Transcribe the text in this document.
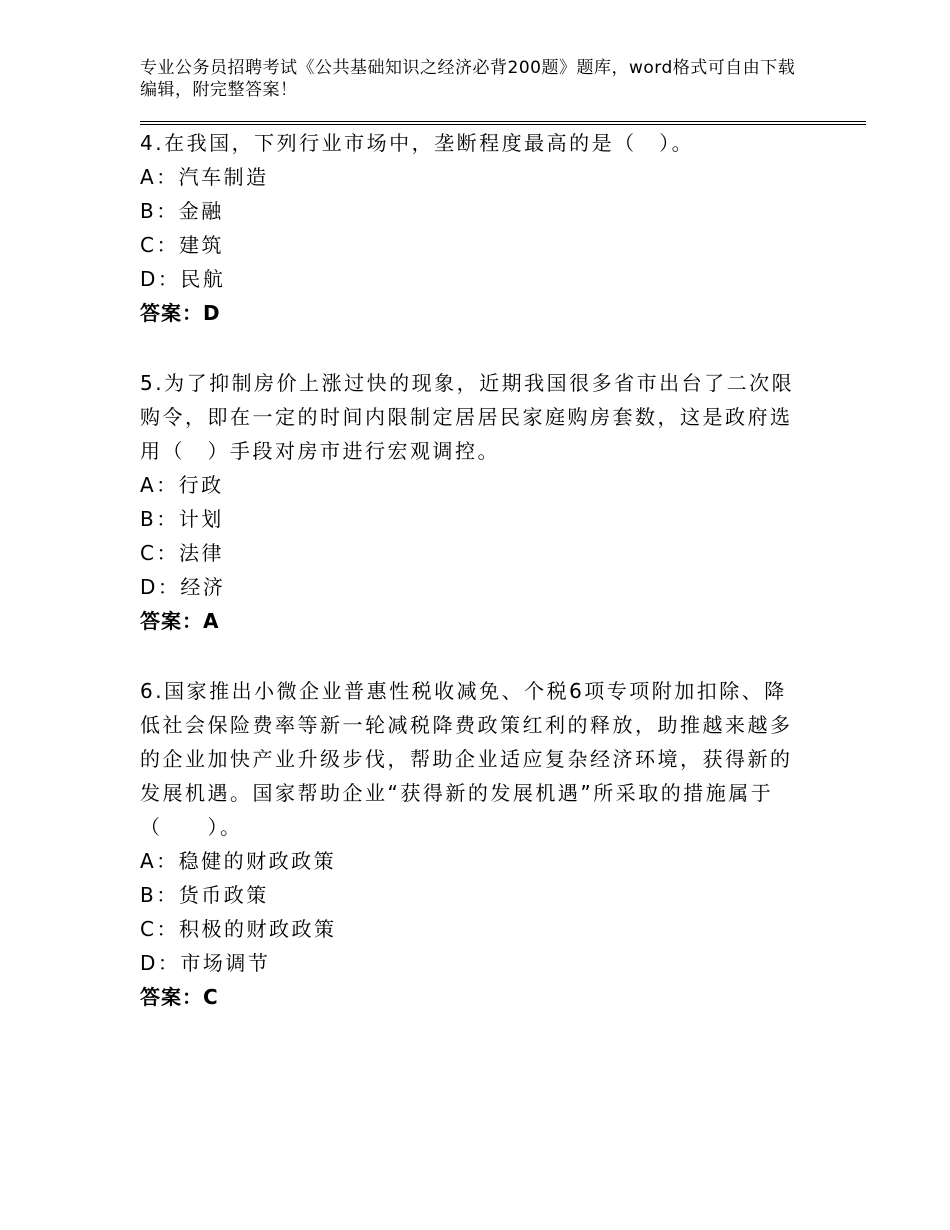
专业公务员招聘考试《公共基础知识之经济必背200题》题库，word格式可自由下载编辑，附完整答案！
4.在我国，下列行业市场中，垄断程度最高的是（　）。
A：汽车制造
B：金融
C：建筑
D：民航
答案：D
5.为了抑制房价上涨过快的现象，近期我国很多省市出台了二次限购令，即在一定的时间内限制定居居民家庭购房套数，这是政府选用（　）手段对房市进行宏观调控。
A：行政
B：计划
C：法律
D：经济
答案：A
6.国家推出小微企业普惠性税收减免、个税6项专项附加扣除、降低社会保险费率等新一轮减税降费政策红利的释放，助推越来越多的企业加快产业升级步伐，帮助企业适应复杂经济环境，获得新的发展机遇。国家帮助企业“获得新的发展机遇”所采取的措施属于（　　）。
A：稳健的财政政策
B：货币政策
C：积极的财政政策
D：市场调节
答案：C
